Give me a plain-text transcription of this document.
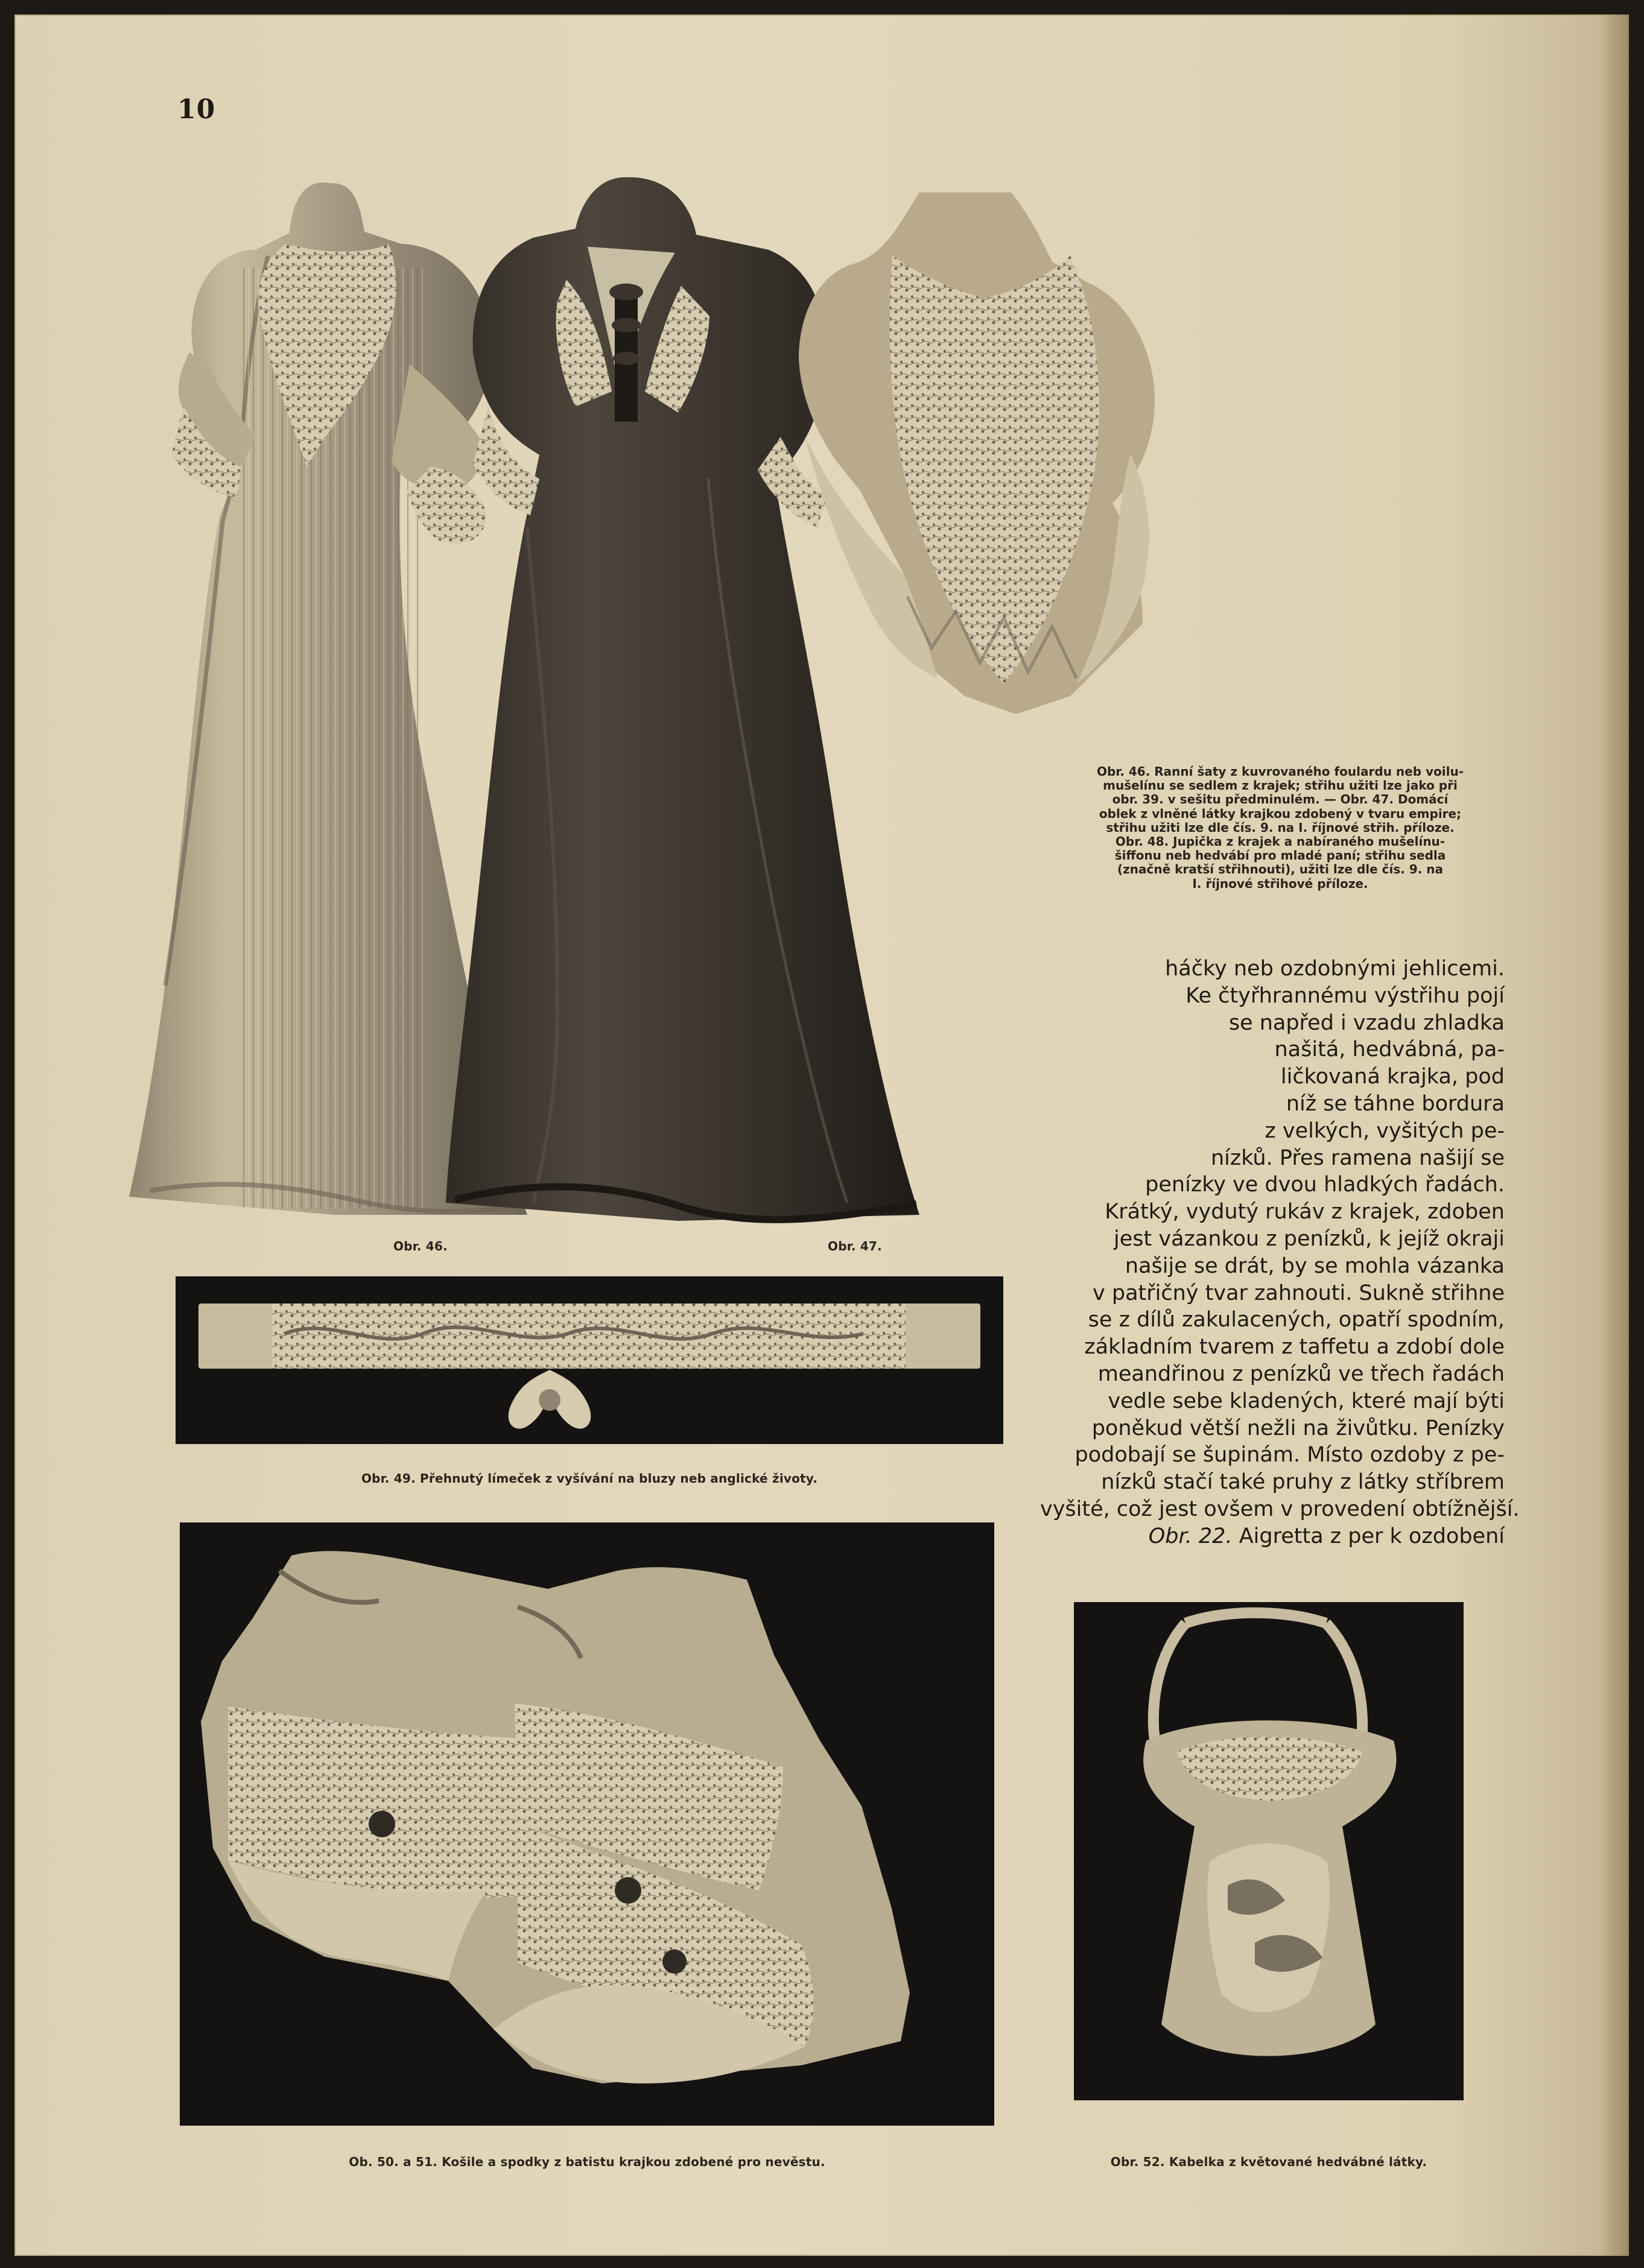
10
Obr. 46.	Obr. 47.
Obr. 46. Ranní šaty z kuvrovaného foulardu neb voilu-
mušelínu se sedlem z krajek; střihu užiti lze jako při
obr. 39. v sešitu předminulém. — Obr. 47. Domácí
oblek z vlněné látky krajkou zdobený v tvaru empire;
střihu užiti lze dle čís. 9. na I. říjnové střih. příloze.
Obr. 48. Jupička z krajek a nabíraného mušelínu-
šiffonu neb hedvábí pro mladé paní; střihu sedla
(značně kratší střihnouti), užiti lze dle čís. 9. na
I. říjnové střihové příloze.
Obr. 49. Přehnutý límeček z vyšívání na bluzy neb anglické životy.
Ob. 50. a 51. Košile a spodky z batistu krajkou zdobené pro nevěstu.	Obr. 52. Kabelka z květované hedvábné látky.
háčky neb ozdobnými jehlicemi.
Ke čtyřhrannému výstřihu pojí
se napřed i vzadu zhladka
našitá, hedvábná, pa-
ličkovaná krajka, pod
níž se táhne bordura
z velkých, vyšitých pe-
nízků. Přes ramena našijí se
penízky ve dvou hladkých řadách.
Krátký, vydutý rukáv z krajek, zdoben
jest vázankou z penízků, k jejíž okraji
našije se drát, by se mohla vázanka
v patřičný tvar zahnouti. Sukně střihne
se z dílů zakulacených, opatří spodním,
základním tvarem z taffetu a zdobí dole
meandřinou z penízků ve třech řadách
vedle sebe kladených, které mají býti
poněkud větší nežli na živůtku. Penízky
podobají se šupinám. Místo ozdoby z pe-
nízků stačí také pruhy z látky stříbrem
vyšité, což jest ovšem v provedení obtížnější.
Obr. 22. Aigretta z per k ozdobení
